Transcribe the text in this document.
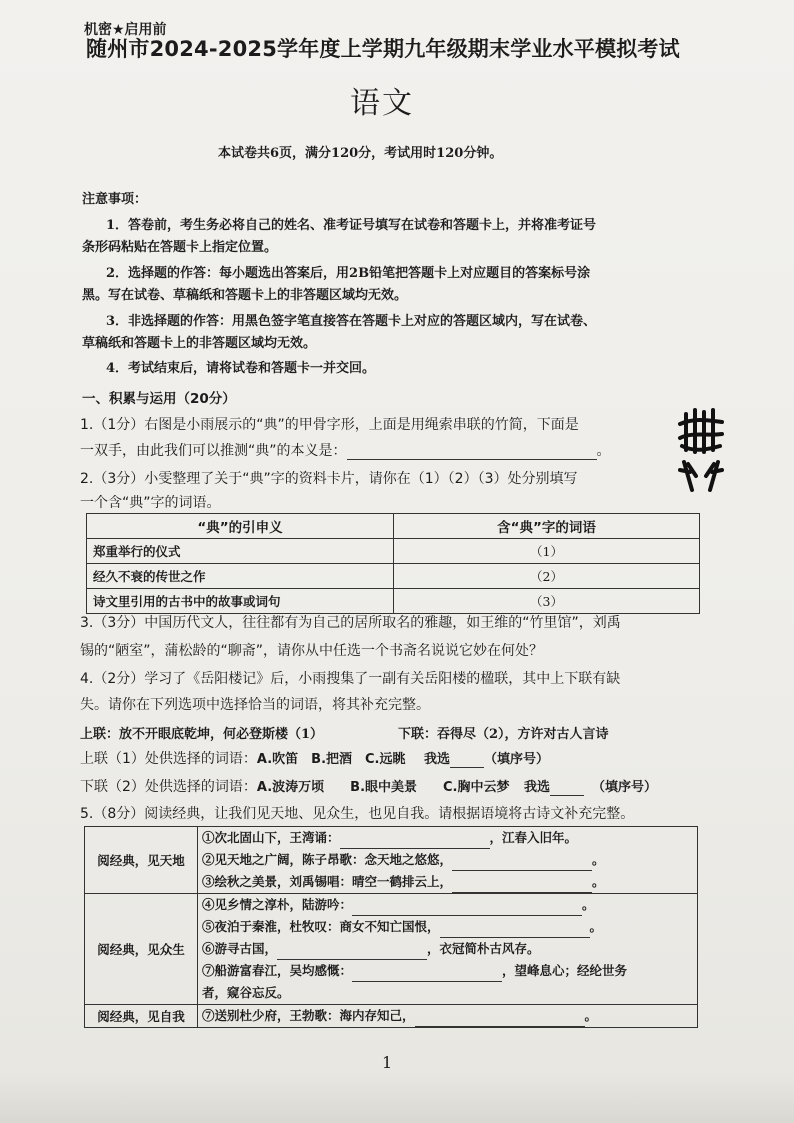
机密★启用前
随州市2024-2025学年度上学期九年级期末学业水平模拟考试
语文
本试卷共6页，满分120分，考试用时120分钟。
注意事项：
1．答卷前，考生务必将自己的姓名、准考证号填写在试卷和答题卡上，并将准考证号
条形码粘贴在答题卡上指定位置。
2．选择题的作答：每小题选出答案后，用2B铅笔把答题卡上对应题目的答案标号涂
黑。写在试卷、草稿纸和答题卡上的非答题区域均无效。
3．非选择题的作答：用黑色签字笔直接答在答题卡上对应的答题区域内，写在试卷、
草稿纸和答题卡上的非答题区域均无效。
4．考试结束后，请将试卷和答题卡一并交回。
一、积累与运用（20分）
1.（1分）右图是小雨展示的“典”的甲骨字形，上面是用绳索串联的竹简，下面是
一双手，由此我们可以推测“典”的本义是：	。
2.（3分）小雯整理了关于“典”字的资料卡片，请你在（1）（2）（3）处分别填写
一个含“典”字的词语。
“典”的引申义	含“典”字的词语
郑重举行的仪式	（1）
经久不衰的传世之作	（2）
诗文里引用的古书中的故事或词句	（3）
3.（3分）中国历代文人，往往都有为自己的居所取名的雅趣，如王维的“竹里馆”，刘禹
锡的“陋室”，蒲松龄的“聊斋”，请你从中任选一个书斋名说说它妙在何处？
4.（2分）学习了《岳阳楼记》后，小雨搜集了一副有关岳阳楼的楹联，其中上下联有缺
失。请你在下列选项中选择恰当的词语，将其补充完整。
上联：放不开眼底乾坤，何必登斯楼（1）	下联：吞得尽（2），方许对古人言诗
上联（1）处供选择的词语：A.吹笛　B.把酒　C.远眺 我选	（填序号）
下联（2）处供选择的词语：A.波涛万顷　　B.眼中美景　　C.胸中云梦 我选	（填序号）
5.（8分）阅读经典，让我们见天地、见众生，也见自我。请根据语境将古诗文补充完整。
阅经典，见天地	①次北固山下，王湾诵： ，江春入旧年。
②见天地之广阔，陈子昂歌：念天地之悠悠， 。
③绘秋之美景，刘禹锡唱：晴空一鹤排云上， 。

阅经典，见众生	④见乡情之淳朴，陆游吟： 。
⑤夜泊于秦淮，杜牧叹：商女不知亡国恨， 。
⑥游寻古国， ，衣冠简朴古风存。
⑦船游富春江，吴均感慨： ，望峰息心；经纶世务
者，窥谷忘反。

阅经典，见自我	⑦送别杜少府，王勃歌：海内存知己， 。
1
